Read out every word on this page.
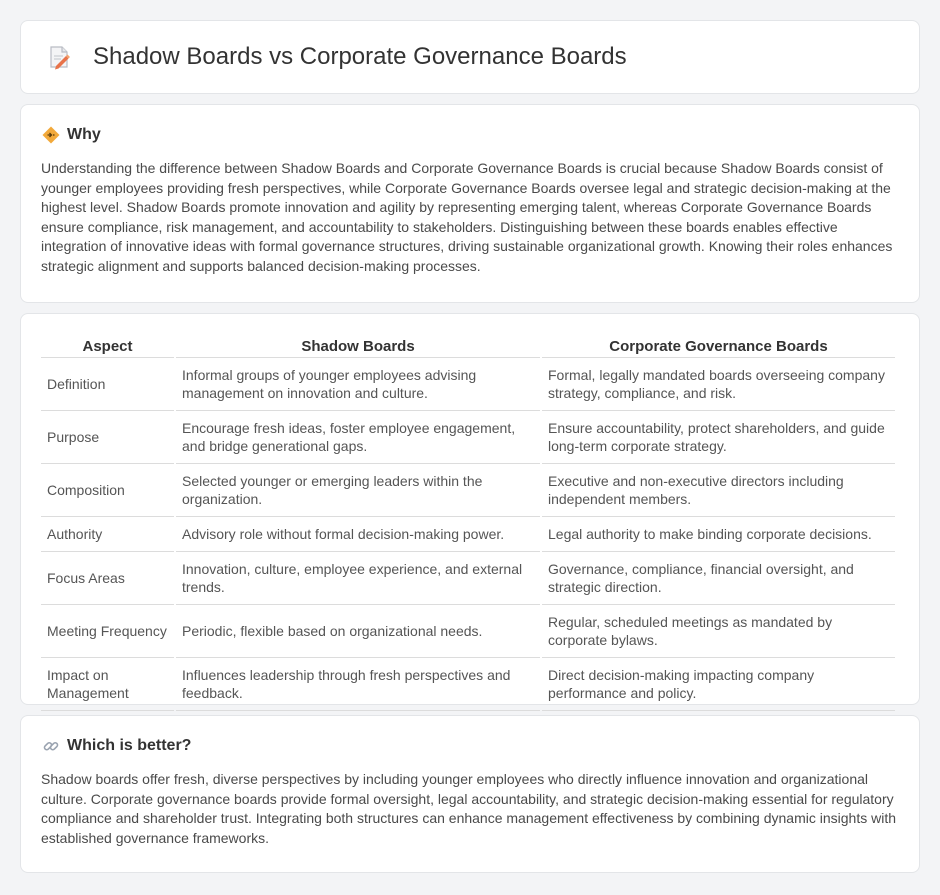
Shadow Boards vs Corporate Governance Boards
Why

Understanding the difference between Shadow Boards and Corporate Governance Boards is crucial because Shadow Boards consist of younger employees providing fresh perspectives, while Corporate Governance Boards oversee legal and strategic decision-making at the highest level. Shadow Boards promote innovation and agility by representing emerging talent, whereas Corporate Governance Boards ensure compliance, risk management, and accountability to stakeholders. Distinguishing between these boards enables effective integration of innovative ideas with formal governance structures, driving sustainable organizational growth. Knowing their roles enhances strategic alignment and supports balanced decision-making processes.

Aspect	Shadow Boards	Corporate Governance Boards
Definition	Informal groups of younger employees advising management on innovation and culture.	Formal, legally mandated boards overseeing company strategy, compliance, and risk.
Purpose	Encourage fresh ideas, foster employee engagement, and bridge generational gaps.	Ensure accountability, protect shareholders, and guide long-term corporate strategy.
Composition	Selected younger or emerging leaders within the organization.	Executive and non-executive directors including independent members.
Authority	Advisory role without formal decision-making power.	Legal authority to make binding corporate decisions.
Focus Areas	Innovation, culture, employee experience, and external trends.	Governance, compliance, financial oversight, and strategic direction.
Meeting Frequency	Periodic, flexible based on organizational needs.	Regular, scheduled meetings as mandated by corporate bylaws.
Impact on Management	Influences leadership through fresh perspectives and feedback.	Direct decision-making impacting company performance and policy.
Which is better?

Shadow boards offer fresh, diverse perspectives by including younger employees who directly influence innovation and organizational culture. Corporate governance boards provide formal oversight, legal accountability, and strategic decision-making essential for regulatory compliance and shareholder trust. Integrating both structures can enhance management effectiveness by combining dynamic insights with established governance frameworks.
